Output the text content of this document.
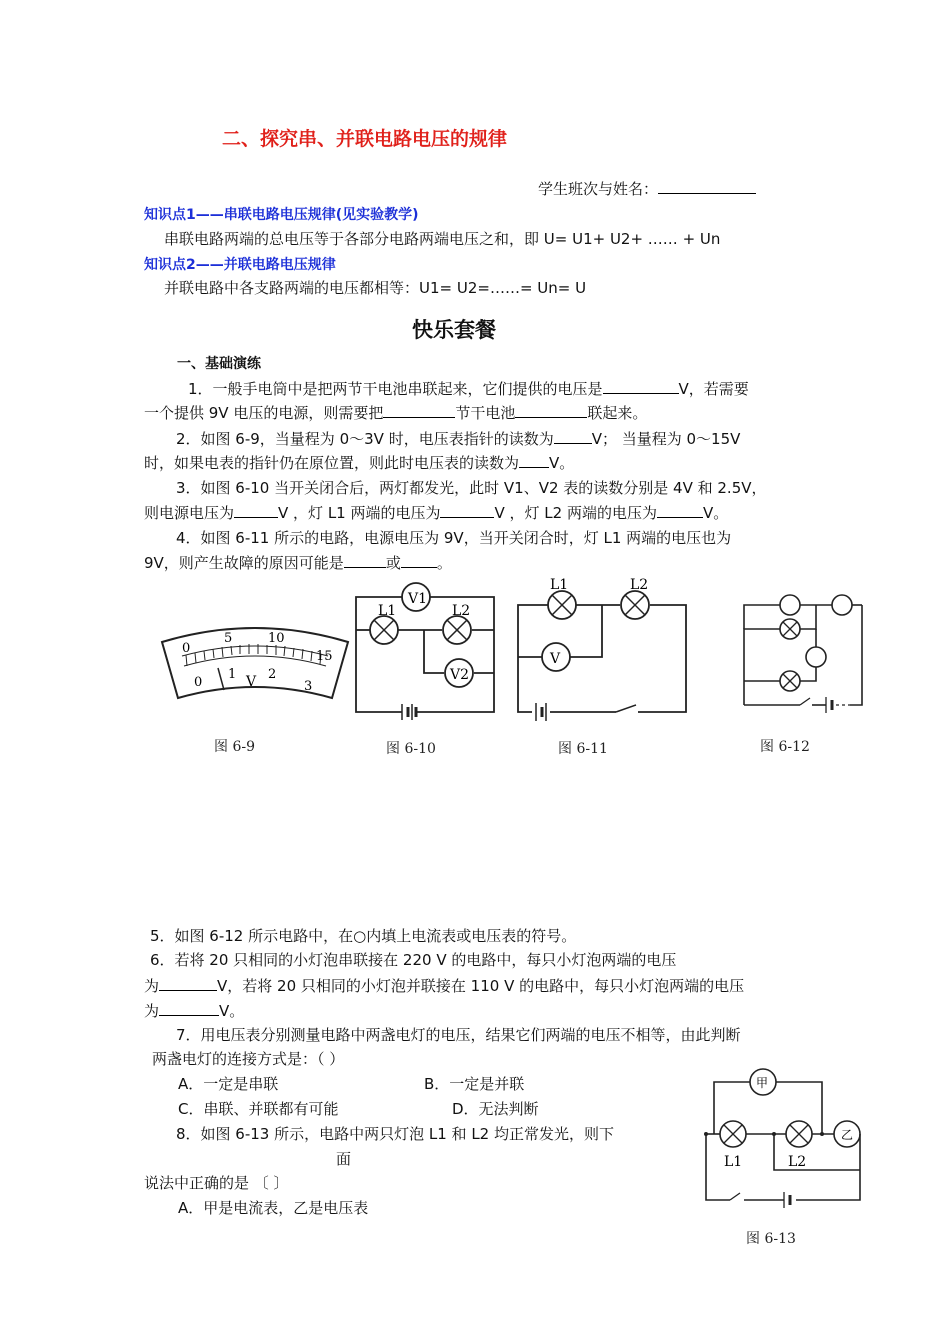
二、探究串、并联电路电压的规律
学生班次与姓名：
知识点1——串联电路电压规律(见实验教学)
串联电路两端的总电压等于各部分电路两端电压之和，即 U= U1+ U2+ …… + Un
知识点2——并联电路电压规律
并联电路中各支路两端的电压都相等：U1= U2=……= Un= U
快乐套餐
一、基础演练
1．一般手电筒中是把两节干电池串联起来，它们提供的电压是	V，若需要
一个提供 9V 电压的电源，则需要把	节干电池	联起来。
2．如图 6-9，当量程为 0～3V 时，电压表指针的读数为	V； 当量程为 0～15V
时，如果电表的指针仍在原位置，则此时电压表的读数为 V。
3．如图 6-10 当开关闭合后，两灯都发光，此时 V1、V2 表的读数分别是 4V 和 2.5V，
则电源电压为	V ，灯 L1 两端的电压为	V ，灯 L2 两端的电压为	V。
4．如图 6-11 所示的电路，电源电压为 9V，当开关闭合时，灯 L1 两端的电压也为
9V，则产生故障的原因可能是	或 。
0
5	10
15
0
1 2
3
V
图 6-9
V1
V2
L1	L2
图 6-10
L1	L2
V
图 6-11	图 6-12
5．如图 6-12 所示电路中，在○内填上电流表或电压表的符号。
6．若将 20 只相同的小灯泡串联接在 220 V 的电路中，每只小灯泡两端的电压
为	V，若将 20 只相同的小灯泡并联接在 110 V 的电路中，每只小灯泡两端的电压
为	V。
7．用电压表分别测量电路中两盏电灯的电压，结果它们两端的电压不相等，由此判断
两盏电灯的连接方式是：（ ）
A．一定是串联	B．一定是并联
C．串联、并联都有可能	D．无法判断
8．如图 6-13 所示，电路中两只灯泡 L1 和 L2 均正常发光，则下
面
说法中正确的是 〔 〕
A．甲是电流表，乙是电压表
甲
乙
L1	L2
图 6-13
